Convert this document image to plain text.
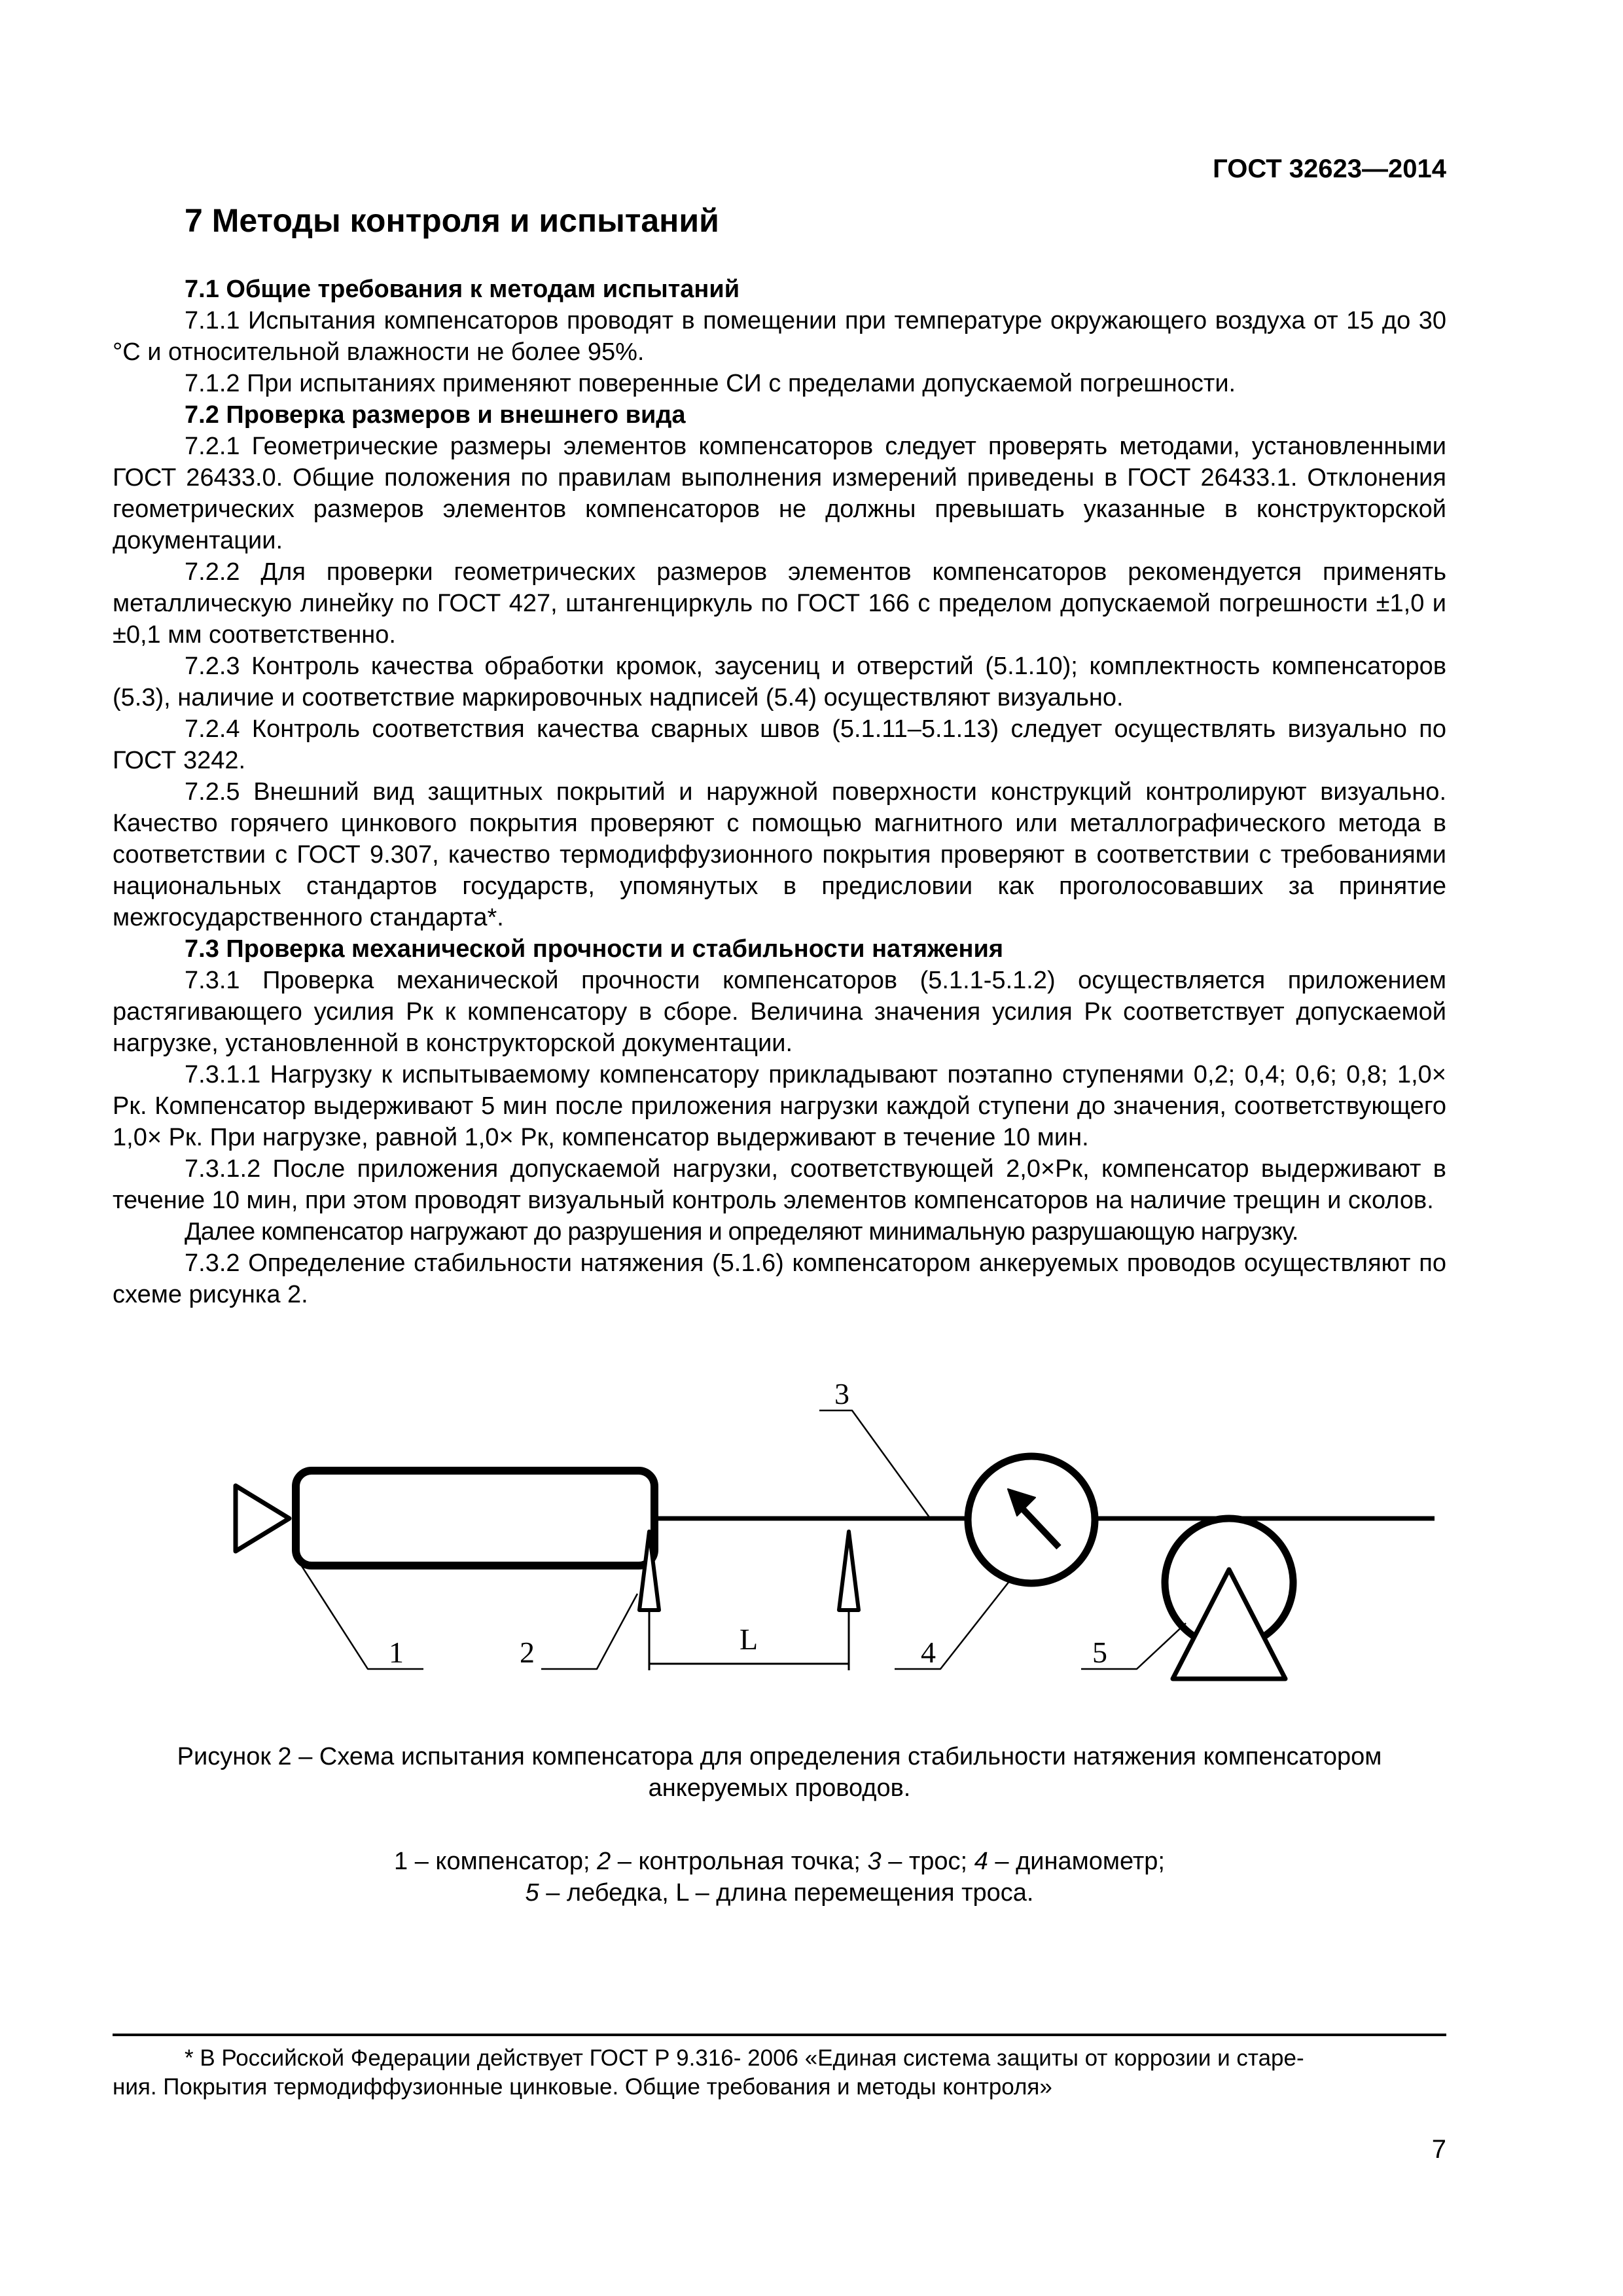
ГОСТ 32623—2014
7 Методы контроля и испытаний

7.1 Общие требования к методам испытаний

7.1.1 Испытания компенсаторов проводят в помещении при температуре окружающего воздуха от 15 до 30 °С и относительной влажности не более 95%.

7.1.2 При испытаниях применяют поверенные СИ с пределами допускаемой погрешности.

7.2 Проверка размеров и внешнего вида

7.2.1 Геометрические размеры элементов компенсаторов следует проверять методами, установленными ГОСТ 26433.0. Общие положения по правилам выполнения измерений приведены в ГОСТ 26433.1. Отклонения геометрических размеров элементов компенсаторов не должны превышать указанные в конструкторской документации.

7.2.2 Для проверки геометрических размеров элементов компенсаторов рекомендуется применять металлическую линейку по ГОСТ 427, штангенциркуль по ГОСТ 166 с пределом допускаемой погрешности ±1,0 и ±0,1 мм соответственно.

7.2.3 Контроль качества обработки кромок, заусениц и отверстий (5.1.10); комплектность компенсаторов (5.3), наличие и соответствие маркировочных надписей (5.4) осуществляют визуально.

7.2.4 Контроль соответствия качества сварных швов (5.1.11–5.1.13) следует осуществлять визуально по ГОСТ 3242.

7.2.5 Внешний вид защитных покрытий и наружной поверхности конструкций контролируют визуально. Качество горячего цинкового покрытия проверяют с помощью магнитного или металлографического метода в соответствии с ГОСТ 9.307, качество термодиффузионного покрытия проверяют в соответствии с требованиями национальных стандартов государств, упомянутых в предисловии как проголосовавших за принятие межгосударственного стандарта*.

7.3 Проверка механической прочности и стабильности натяжения

7.3.1 Проверка механической прочности компенсаторов (5.1.1-5.1.2) осуществляется приложением растягивающего усилия Pк к компенсатору в сборе. Величина значения усилия Pк соответствует допускаемой нагрузке, установленной в конструкторской документации.

7.3.1.1 Нагрузку к испытываемому компенсатору прикладывают поэтапно ступенями 0,2; 0,4; 0,6; 0,8; 1,0× Pк. Компенсатор выдерживают 5 мин после приложения нагрузки каждой ступени до значения, соответствующего 1,0× Pк. При нагрузке, равной 1,0× Pк, компенсатор выдерживают в течение 10 мин.

7.3.1.2 После приложения допускаемой нагрузки, соответствующей 2,0×Pк, компенсатор выдерживают в течение 10 мин, при этом проводят визуальный контроль элементов компенсаторов на наличие трещин и сколов.

Далее компенсатор нагружают до разрушения и определяют минимальную разрушающую нагрузку.

7.3.2 Определение стабильности натяжения (5.1.6) компенсатором анкеруемых проводов осуществляют по схеме рисунка 2.

1	2
3
4	5
L
Рисунок 2 – Схема испытания компенсатора для определения стабильности натяжения компенсатором анкеруемых проводов.
1 – компенсатор; 2 – контрольная точка; 3 – трос; 4 – динамометр;
5 – лебедка, L – длина перемещения троса.
* В Российской Федерации действует ГОСТ Р 9.316- 2006 «Единая система защиты от коррозии и старе-
ния. Покрытия термодиффузионные цинковые. Общие требования и методы контроля»
7
